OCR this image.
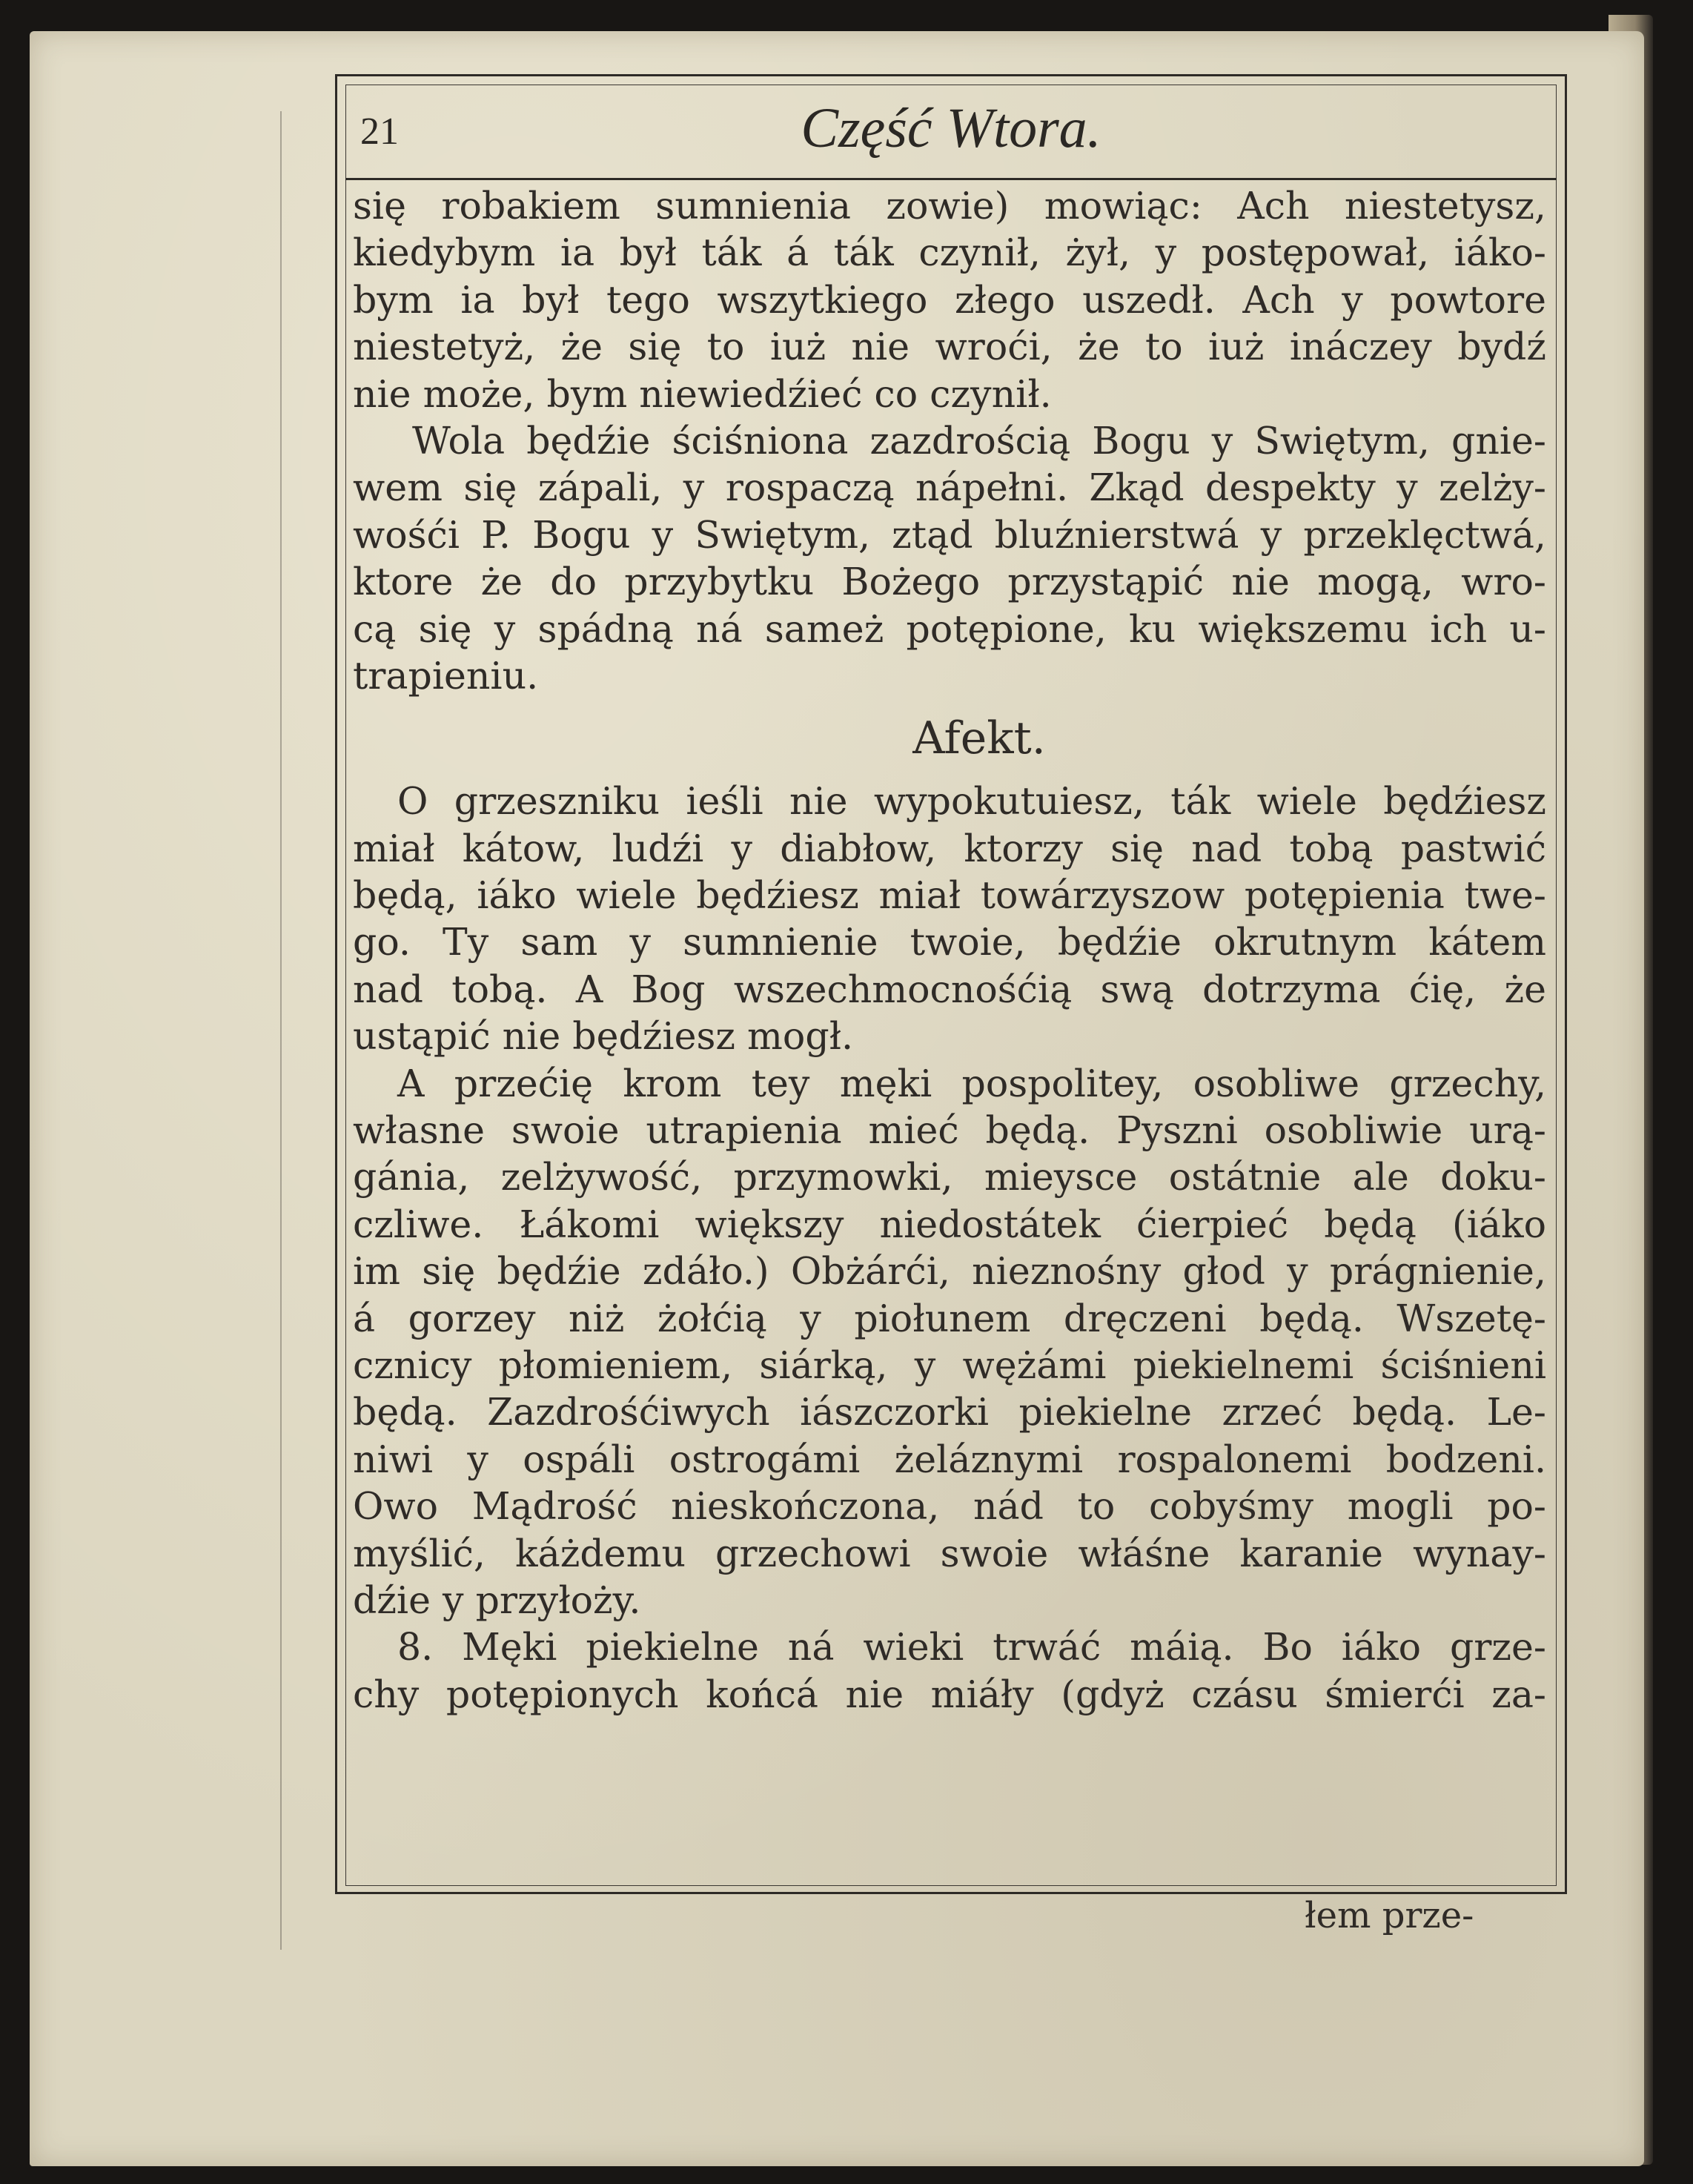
21	Część Wtora.
się robakiem sumnienia zowie) mowiąc: Ach niestetysz,
kiedybym ia był ták á ták czynił, żył, y postępował, iáko-
bym ia był tego wszytkiego złego uszedł. Ach y powtore
niestetyż, że się to iuż nie wroći, że to iuż ináczey bydź
nie może, bym niewiedźieć co czynił.
Wola będźie ściśniona zazdrością Bogu y Swiętym, gnie-
wem się zápali, y rospaczą nápełni. Zkąd despekty y zelży-
wośći P. Bogu y Swiętym, ztąd bluźnierstwá y przeklęctwá,
ktore że do przybytku Bożego przystąpić nie mogą, wro-
cą się y spádną ná sameż potępione, ku większemu ich u-
trapieniu.
Afekt.
O grzeszniku ieśli nie wypokutuiesz, ták wiele będźiesz
miał kátow, ludźi y diabłow, ktorzy się nad tobą pastwić
będą, iáko wiele będźiesz miał towárzyszow potępienia twe-
go. Ty sam y sumnienie twoie, będźie okrutnym kátem
nad tobą. A Bog wszechmocnośćią swą dotrzyma ćię, że
ustąpić nie będźiesz mogł.
A przećię krom tey męki pospolitey, osobliwe grzechy,
własne swoie utrapienia mieć będą. Pyszni osobliwie urą-
gánia, zelżywość, przymowki, mieysce ostátnie ale doku-
czliwe. Łákomi większy niedostátek ćierpieć będą (iáko
im się będźie zdáło.) Obżárći, nieznośny głod y prágnienie,
á gorzey niż żołćią y piołunem dręczeni będą. Wszetę-
cznicy płomieniem, siárką, y wężámi piekielnemi ściśnieni
będą. Zazdrośćiwych iászczorki piekielne zrzeć będą. Le-
niwi y ospáli ostrogámi żeláznymi rospalonemi bodzeni.
Owo Mądrość nieskończona, nád to cobyśmy mogli po-
myślić, káżdemu grzechowi swoie włáśne karanie wynay-
dźie y przyłoży.
8. Męki piekielne ná wieki trwáć máią. Bo iáko grze-
chy potępionych końcá nie miáły (gdyż czásu śmierći za-
łem prze-
